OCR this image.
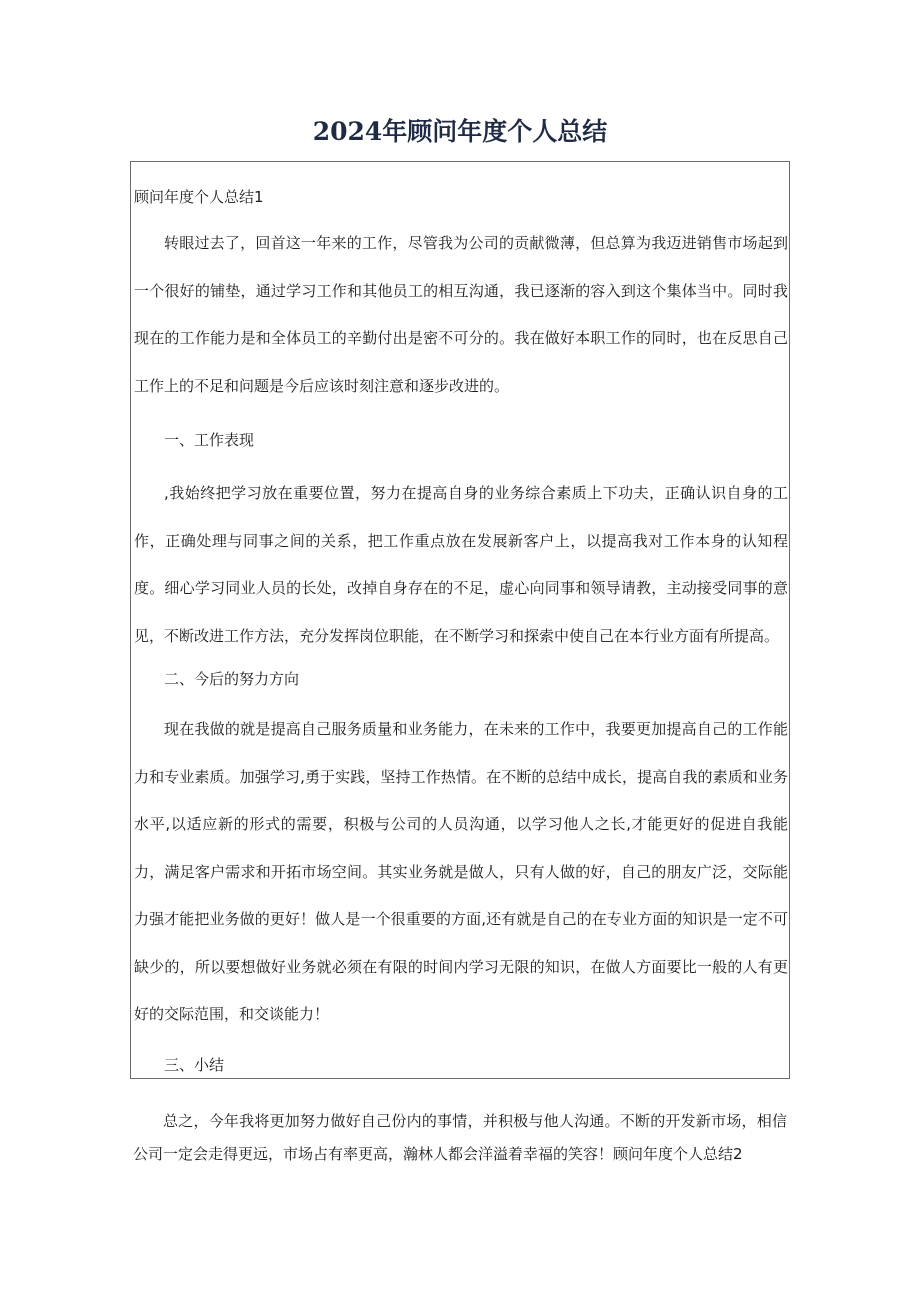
2024年顾问年度个人总结

顾问年度个人总结1

转眼过去了，回首这一年来的工作，尽管我为公司的贡献微薄，但总算为我迈进销售市场起到一个很好的铺垫，通过学习工作和其他员工的相互沟通，我已逐渐的容入到这个集体当中。同时我现在的工作能力是和全体员工的辛勤付出是密不可分的。我在做好本职工作的同时，也在反思自己工作上的不足和问题是今后应该时刻注意和逐步改进的。

一、工作表现

,我始终把学习放在重要位置，努力在提高自身的业务综合素质上下功夫，正确认识自身的工作，正确处理与同事之间的关系，把工作重点放在发展新客户上，以提高我对工作本身的认知程度。细心学习同业人员的长处，改掉自身存在的不足，虚心向同事和领导请教，主动接受同事的意见，不断改进工作方法，充分发挥岗位职能，在不断学习和探索中使自己在本行业方面有所提高。

二、今后的努力方向

现在我做的就是提高自己服务质量和业务能力，在未来的工作中，我要更加提高自己的工作能力和专业素质。加强学习,勇于实践，坚持工作热情。在不断的总结中成长，提高自我的素质和业务水平,以适应新的形式的需要，积极与公司的人员沟通，以学习他人之长,才能更好的促进自我能力，满足客户需求和开拓市场空间。其实业务就是做人，只有人做的好，自己的朋友广泛，交际能力强才能把业务做的更好！做人是一个很重要的方面,还有就是自己的在专业方面的知识是一定不可缺少的，所以要想做好业务就必须在有限的时间内学习无限的知识，在做人方面要比一般的人有更好的交际范围，和交谈能力！

三、小结

总之，今年我将更加努力做好自己份内的事情，并积极与他人沟通。不断的开发新市场，相信公司一定会走得更远，市场占有率更高，瀚林人都会洋溢着幸福的笑容！顾问年度个人总结2
